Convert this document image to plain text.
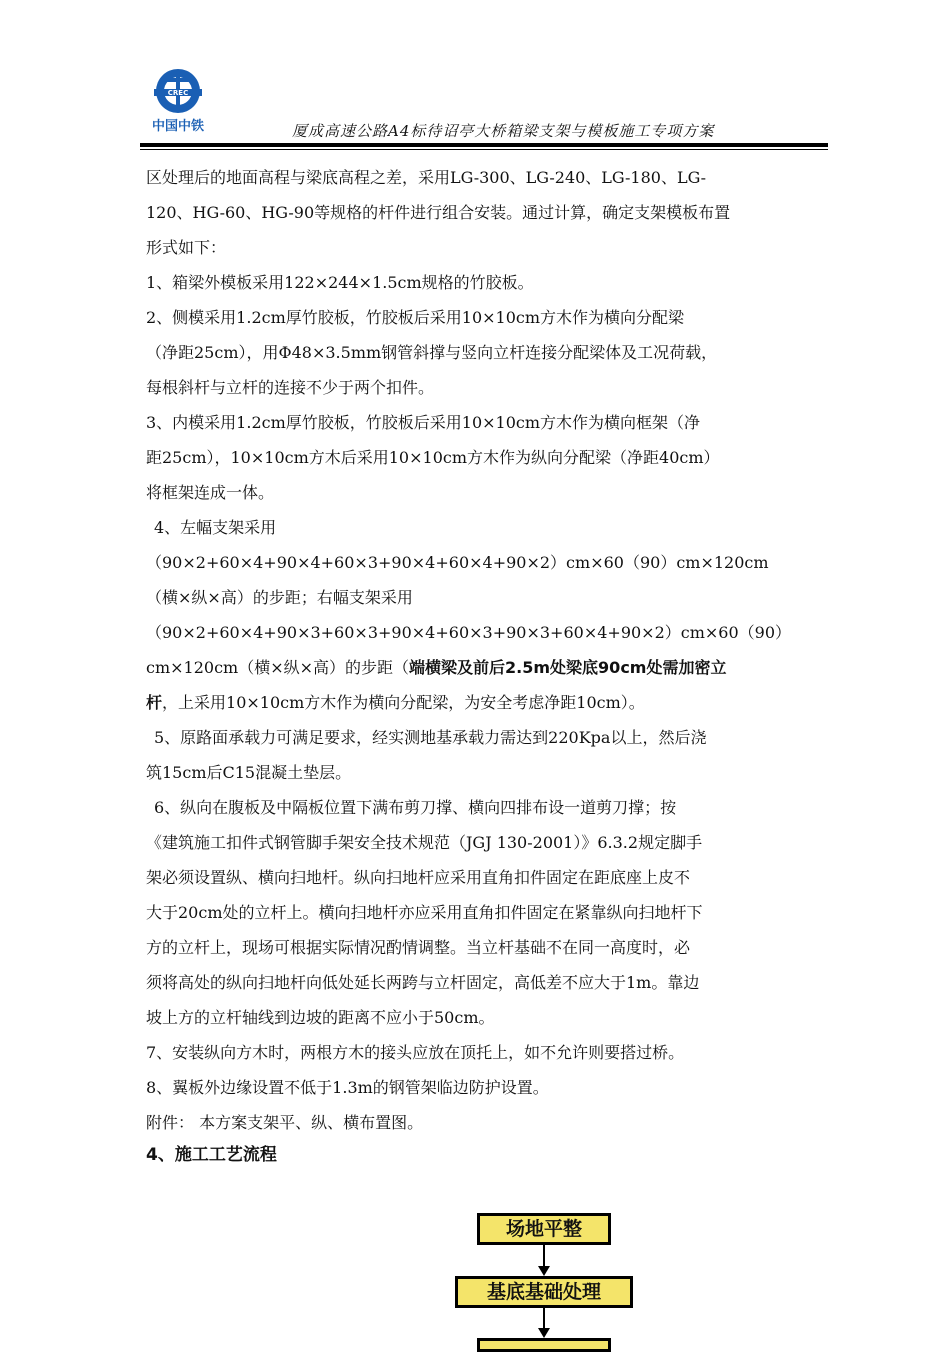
CREC
中国中铁	厦成高速公路A4标待诏亭大桥箱梁支架与模板施工专项方案
区处理后的地面高程与梁底高程之差，采用LG-300、LG-240、LG-180、LG-
120、HG-60、HG-90等规格的杆件进行组合安装。通过计算，确定支架模板布置
形式如下：
1、箱梁外模板采用122×244×1.5cm规格的竹胶板。
2、侧模采用1.2cm厚竹胶板，竹胶板后采用10×10cm方木作为横向分配梁
（净距25cm），用Φ48×3.5mm钢管斜撑与竖向立杆连接分配梁体及工况荷载，
每根斜杆与立杆的连接不少于两个扣件。
3、内模采用1.2cm厚竹胶板，竹胶板后采用10×10cm方木作为横向框架（净
距25cm），10×10cm方木后采用10×10cm方木作为纵向分配梁（净距40cm）
将框架连成一体。
4、左幅支架采用
（90×2+60×4+90×4+60×3+90×4+60×4+90×2）cm×60（90）cm×120cm
（横×纵×高）的步距；右幅支架采用
（90×2+60×4+90×3+60×3+90×4+60×3+90×3+60×4+90×2）cm×60（90）
cm×120cm（横×纵×高）的步距（端横梁及前后2.5m处梁底90cm处需加密立
杆，上采用10×10cm方木作为横向分配梁，为安全考虑净距10cm）。
5、原路面承载力可满足要求，经实测地基承载力需达到220Kpa以上，然后浇
筑15cm后C15混凝土垫层。
6、纵向在腹板及中隔板位置下满布剪刀撑、横向四排布设一道剪刀撑；按
《建筑施工扣件式钢管脚手架安全技术规范（JGJ 130-2001）》6.3.2规定脚手
架必须设置纵、横向扫地杆。纵向扫地杆应采用直角扣件固定在距底座上皮不
大于20cm处的立杆上。横向扫地杆亦应采用直角扣件固定在紧靠纵向扫地杆下
方的立杆上，现场可根据实际情况酌情调整。当立杆基础不在同一高度时，必
须将高处的纵向扫地杆向低处延长两跨与立杆固定，高低差不应大于1m。靠边
坡上方的立杆轴线到边坡的距离不应小于50cm。
7、安装纵向方木时，两根方木的接头应放在顶托上，如不允许则要搭过桥。
8、翼板外边缘设置不低于1.3m的钢管架临边防护设置。
附件： 本方案支架平、纵、横布置图。
4、施工工艺流程
场地平整
基底基础处理
